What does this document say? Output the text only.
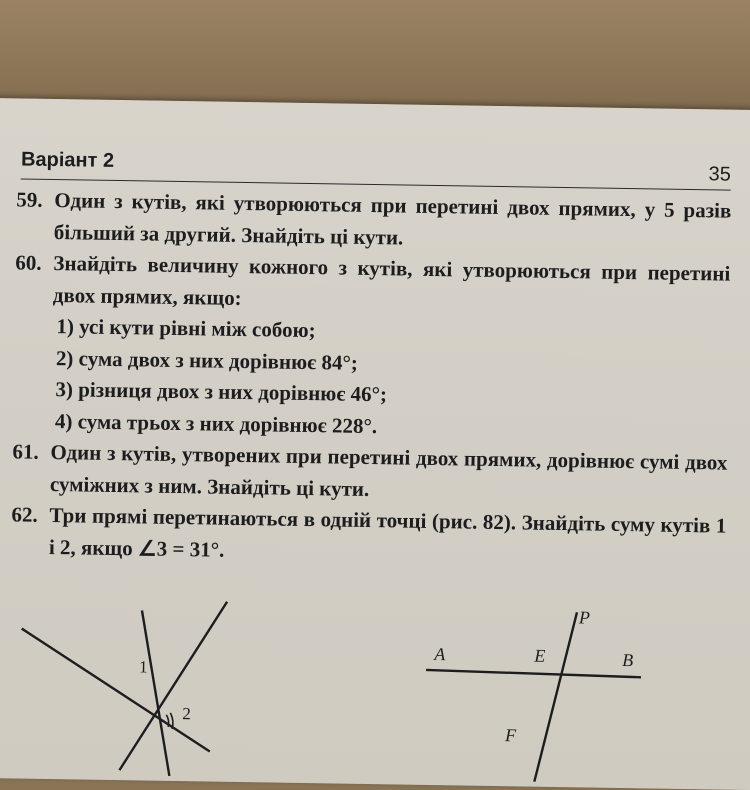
Варіант 2
35
59. Один з кутів, які утворюються при перетині двох прямих, у 5 разів більший за другий. Знайдіть ці кути.
60. Знайдіть величину кожного з кутів, які утворюються при перетині двох прямих, якщо:
1) усі кути рівні між собою;
2) сума двох з них дорівнює 84°;
3) різниця двох з них дорівнює 46°;
4) сума трьох з них дорівнює 228°.
61. Один з кутів, утворених при перетині двох прямих, дорівнює сумі двох суміжних з ним. Знайдіть ці кути.
62. Три прямі перетинаються в одній точці (рис. 82). Знайдіть суму кутів 1 і 2, якщо ∠3 = 31°.
1
2
A	B
E
P
F
